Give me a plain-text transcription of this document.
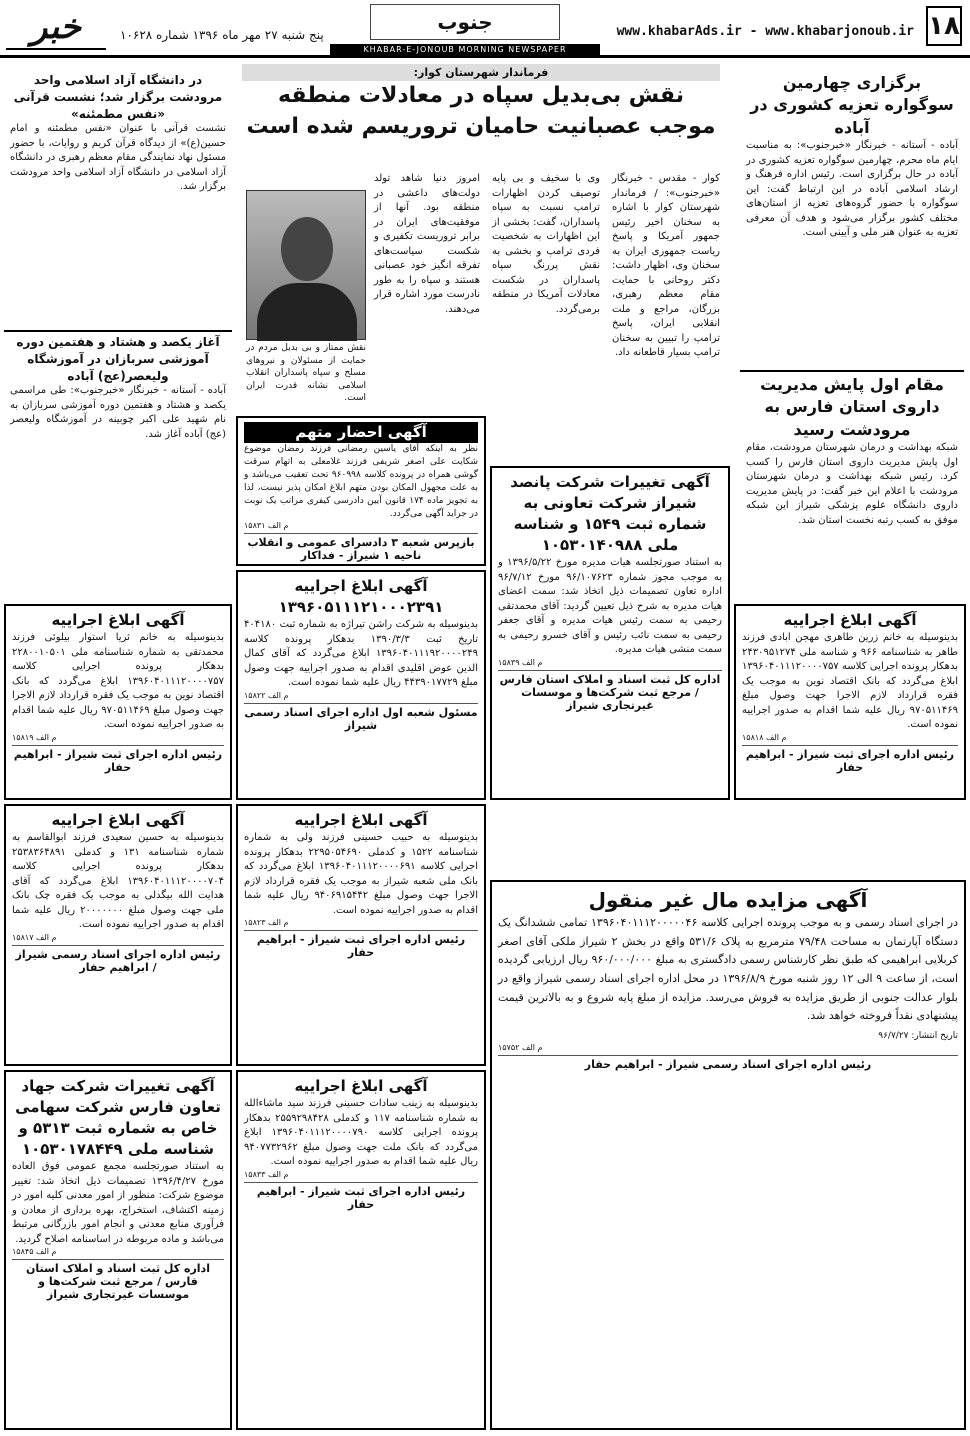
۱۸
www.khabarAds.ir - www.khabarjonoub.ir
جنوب
KHABAR-E-JONOUB MORNING NEWSPAPER
پنج شنبه ۲۷ مهر ماه ۱۳۹۶ شماره ۱۰۶۲۸
خبر
برگزاری چهارمین سوگواره تعزیه کشوری در آباده
آباده - آستانه - خبرنگار «خبرجنوب»: به مناسبت ایام ماه محرم، چهارمین سوگواره تعزیه کشوری در آباده در حال برگزاری است. رئیس اداره فرهنگ و ارشاد اسلامی آباده در این ارتباط گفت: این سوگواره با حضور گروه‌های تعزیه از استان‌های مختلف کشور برگزار می‌شود و هدف آن معرفی تعزیه به عنوان هنر ملی و آیینی است.
مقام اول پایش مدیریت داروی استان فارس به مرودشت رسید
شبکه بهداشت و درمان شهرستان مرودشت، مقام اول پایش مدیریت داروی استان فارس را کسب کرد. رئیس شبکه بهداشت و درمان شهرستان مرودشت با اعلام این خبر گفت: در پایش مدیریت داروی دانشگاه علوم پزشکی شیراز این شبکه موفق به کسب رتبه نخست استان شد.
فرماندار شهرستان کوار:
نقش بی‌بدیل سپاه در معادلات منطقه
موجب عصبانیت حامیان تروریسم شده است
کوار - مقدس - خبرنگار «خبرجنوب»: / فرماندار شهرستان کوار با اشاره به سخنان اخیر رئیس جمهور آمریکا و پاسخ ریاست جمهوری ایران به سخنان وی، اظهار داشت: دکتر روحانی با حمایت مقام معظم رهبری، بزرگان، مراجع و ملت انقلابی ایران، پاسخ ترامپ را تبیین به سخنان ترامپ بسیار قاطعانه داد.
وی با سخیف و بی پایه توصیف کردن اظهارات ترامپ نسبت به سپاه پاسداران، گفت: بخشی از این اظهارات به شخصیت فردی ترامپ و بخشی به نقش پررنگ سپاه پاسداران در شکست معادلات آمریکا در منطقه برمی‌گردد.
امروز دنیا شاهد تولد دولت‌های داعشی در منطقه بود. آنها از موفقیت‌های ایران در برابر تروریست تکفیری و شکست سیاست‌های تفرقه انگیز خود عصبانی هستند و سپاه را به طور نادرست مورد اشاره قرار می‌دهند.
نقش ممتاز و بی بدیل مردم در حمایت از مسئولان و نیروهای مسلح و سپاه پاسداران انقلاب اسلامی نشانه قدرت ایران است.
در دانشگاه آزاد اسلامی واحد مرودشت برگزار شد؛ نشست قرآنی «نفس مطمئنه»
نشست قرآنی با عنوان «نفس مطمئنه و امام حسین(ع)» از دیدگاه قرآن کریم و روایات، با حضور مسئول نهاد نمایندگی مقام معظم رهبری در دانشگاه آزاد اسلامی در دانشگاه آزاد اسلامی واحد مرودشت برگزار شد.
آغاز یکصد و هشتاد و هفتمین دوره آموزشی سربازان در آموزشگاه ولیعصر(عج) آباده
آباده - آستانه - خبرنگار «خبرجنوب»: طی مراسمی یکصد و هشتاد و هفتمین دوره آموزشی سربازان به نام شهید علی اکبر چوبینه در آموزشگاه ولیعصر (عج) آباده آغاز شد.	آگهی احضار متهم
نظر به اینکه آقای یاسین رمضانی فرزند رمضان موضوع شکایت علی اصغر شریفی فرزند غلامعلی به اتهام سرقت گوشی همراه در پرونده کلاسه ۹۶۰۹۹۸ تحت تعقیب می‌باشد و به علت مجهول المکان بودن متهم ابلاغ امکان پذیر نیست، لذا به تجویز ماده ۱۷۴ قانون آیین دادرسی کیفری مراتب یک نوبت در جراید آگهی می‌گردد.
۱۵۸۳۱ م الف
بازپرس شعبه ۳ دادسرای عمومی و انقلاب ناحیه ۱ شیراز - فداکار
آگهی تغییرات شرکت پانصد شیراز شرکت تعاونی به شماره ثبت ۱۵۴۹ و شناسه ملی ۱۰۵۳۰۱۴۰۹۸۸
به استناد صورتجلسه هیات مدیره مورخ ۱۳۹۶/۵/۲۲ و به موجب مجوز شماره ۹۶/۱۰۷۶۲۳ مورخ ۹۶/۷/۱۲ اداره تعاون تصمیمات ذیل اتخاذ شد: سمت اعضای هیات مدیره به شرح ذیل تعیین گردید: آقای محمدتقی رحیمی به سمت رئیس هیات مدیره و آقای جعفر رحیمی به سمت نائب رئیس و آقای خسرو رحیمی به سمت منشی هیات مدیره.
۱۵۸۳۹ م الف
اداره کل ثبت اسناد و املاک استان فارس / مرجع ثبت شرکت‌ها و موسسات غیرتجاری شیراز
آگهی ابلاغ اجراییه
بدینوسیله به خانم زرین طاهری مهجن ابادی فرزند طاهر به شناسنامه ۹۶۶ و شناسه ملی ۲۴۳۰۹۵۱۲۷۴ بدهکار پرونده اجرایی کلاسه ۱۳۹۶۰۴۰۱۱۱۲۰۰۰۰۷۵۷ ابلاغ می‌گردد که بانک اقتصاد نوین به موجب یک فقره قرارداد لازم الاجرا جهت وصول مبلغ ۹۷۰۵۱۱۴۶۹ ریال علیه شما اقدام به صدور اجراییه نموده است.
۱۵۸۱۸ م الف
رئیس اداره اجرای ثبت شیراز - ابراهیم حفار
آگهی ابلاغ اجراییه ۱۳۹۶۰۵۱۱۱۲۱۰۰۰۲۳۹۱
بدینوسیله به شرکت راشن تیراژه به شماره ثبت ۴۰۴۱۸۰ تاریخ ثبت ۱۳۹۰/۳/۳ بدهکار پرونده کلاسه ۱۳۹۶۰۴۰۱۱۱۹۲۰۰۰۰۲۴۹ ابلاغ می‌گردد که آقای کمال الدین عوض اقلیدی اقدام به صدور اجراییه جهت وصول مبلغ ۴۴۳۹۰۱۷۷۲۹ ریال علیه شما نموده است.
۱۵۸۲۲ م الف
مسئول شعبه اول اداره اجرای اسناد رسمی شیراز
آگهی ابلاغ اجراییه
بدینوسیله به خانم ثریا استوار بیلوئی فرزند محمدتقی به شماره شناسنامه ملی ۲۲۸۰۰۱۰۵۰۱ بدهکار پرونده اجرایی کلاسه ۱۳۹۶۰۴۰۱۱۱۲۰۰۰۰۷۵۷ ابلاغ می‌گردد که بانک اقتصاد نوین به موجب یک فقره قرارداد لازم الاجرا جهت وصول مبلغ ۹۷۰۵۱۱۴۶۹ ریال علیه شما اقدام به صدور اجراییه نموده است.
۱۵۸۱۹ م الف
رئیس اداره اجرای ثبت شیراز - ابراهیم حفار
آگهی ابلاغ اجراییه
بدینوسیله به حسین سعیدی فرزند ابوالقاسم به شماره شناسنامه ۱۳۱ و کدملی ۲۵۳۸۳۶۴۸۹۱ بدهکار پرونده اجرایی کلاسه ۱۳۹۶۰۴۰۱۱۱۲۰۰۰۰۷۰۴ ابلاغ می‌گردد که آقای هدایت الله بیگدلی به موجب یک فقره چک بانک ملی جهت وصول مبلغ ۲۰۰۰۰۰۰۰ ریال علیه شما اقدام به صدور اجراییه نموده است.
۱۵۸۱۷ م الف
رئیس اداره اجرای اسناد رسمی شیراز / ابراهیم حفار
آگهی ابلاغ اجراییه
بدینوسیله به حبیب حسینی فرزند ولی به شماره شناسنامه ۱۵۲۲ و کدملی ۲۲۹۵۰۵۴۶۹۰ بدهکار پرونده اجرایی کلاسه ۱۳۹۶۰۴۰۱۱۱۲۰۰۰۰۶۹۱ ابلاغ می‌گردد که بانک ملی شعبه شیراز به موجب یک فقره قرارداد لازم الاجرا جهت وصول مبلغ ۹۴۰۶۹۱۵۴۴۲ ریال علیه شما اقدام به صدور اجراییه نموده است.
۱۵۸۲۳ م الف
رئیس اداره اجرای ثبت شیراز - ابراهیم حفار
آگهی مزایده مال غیر منقول
در اجرای اسناد رسمی و به موجب پرونده اجرایی کلاسه ۱۳۹۶۰۴۰۱۱۱۲۰۰۰۰۰۴۶ تمامی ششدانگ یک دستگاه آپارتمان به مساحت ۷۹/۴۸ مترمربع به پلاک ۵۳۱/۶ واقع در بخش ۲ شیراز ملکی آقای اصغر کربلایی ابراهیمی که طبق نظر کارشناس رسمی دادگستری به مبلغ ۹۶۰/۰۰۰/۰۰۰ ریال ارزیابی گردیده است، از ساعت ۹ الی ۱۲ روز شنبه مورخ ۱۳۹۶/۸/۹ در محل اداره اجرای اسناد رسمی شیراز واقع در بلوار عدالت جنوبی از طریق مزایده به فروش می‌رسد. مزایده از مبلغ پایه شروع و به بالاترین قیمت پیشنهادی نقداً فروخته خواهد شد.
تاریخ انتشار: ۹۶/۷/۲۷
۱۵۷۵۲ م الف
رئیس اداره اجرای اسناد رسمی شیراز - ابراهیم حفار
آگهی تغییرات شرکت جهاد تعاون فارس شرکت سهامی خاص به شماره ثبت ۵۳۱۳ و شناسه ملی ۱۰۵۳۰۱۷۸۴۴۹
به استناد صورتجلسه مجمع عمومی فوق العاده مورخ ۱۳۹۶/۴/۲۷ تصمیمات ذیل اتخاذ شد: تغییر موضوع شرکت: منظور از امور معدنی کلیه امور در زمینه اکتشاف، استخراج، بهره برداری از معادن و فرآوری منابع معدنی و انجام امور بازرگانی مرتبط می‌باشد و ماده مربوطه در اساسنامه اصلاح گردید.
۱۵۸۴۵ م الف
اداره کل ثبت اسناد و املاک استان فارس / مرجع ثبت شرکت‌ها و موسسات غیرتجاری شیراز
آگهی ابلاغ اجراییه
بدینوسیله به زینب سادات حسینی فرزند سید ماشاءالله به شماره شناسنامه ۱۱۷ و کدملی ۲۵۵۹۲۹۸۴۲۸ بدهکار پرونده اجرایی کلاسه ۱۳۹۶۰۴۰۱۱۱۲۰۰۰۰۷۹۰ ابلاغ می‌گردد که بانک ملت جهت وصول مبلغ ۹۴۰۷۷۳۲۹۶۲ ریال علیه شما اقدام به صدور اجراییه نموده است.
۱۵۸۳۳ م الف
رئیس اداره اجرای ثبت شیراز - ابراهیم حفار
